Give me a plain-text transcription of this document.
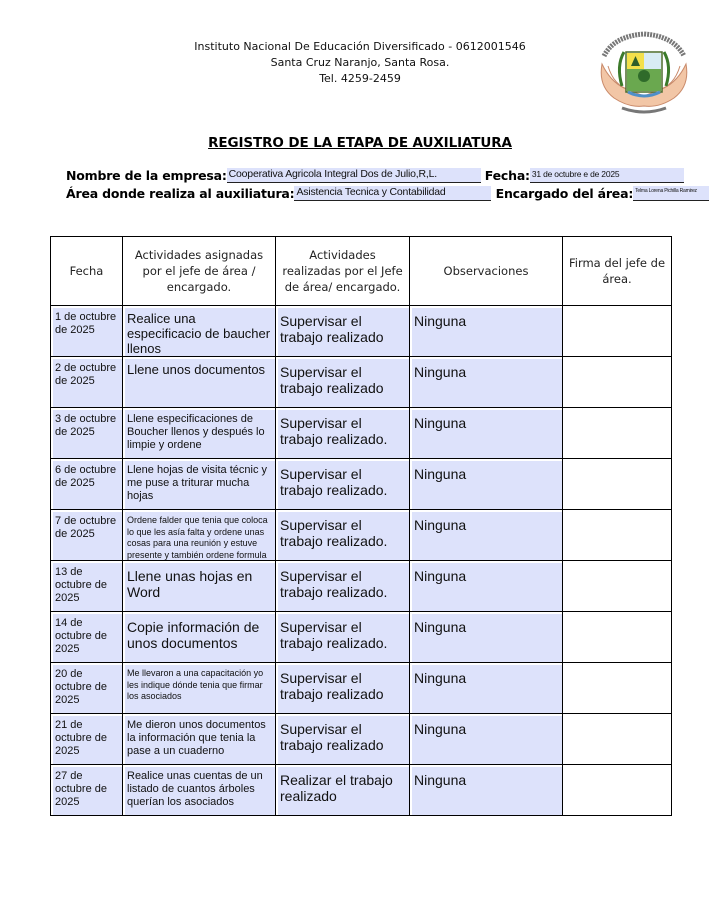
Instituto Nacional De Educación Diversificado - 0612001546
Santa Cruz Naranjo, Santa Rosa.
Tel. 4259-2459
REGISTRO DE LA ETAPA DE AUXILIATURA
Nombre de la empresa: Cooperativa Agricola Integral Dos de Julio,R,L.	Fecha: 31 de octubre e de 2025
Área donde realiza al auxiliatura: Asistencia Tecnica y Contabilidad	Encargado del área: Telma Lorena Pichilla Ramirez
Fecha	Actividades asignadas por el jefe de área / encargado.	Actividades realizadas por el Jefe de área/ encargado.	Observaciones	Firma del jefe de área.

1 de octubre de 2025	Realice una especificacio de baucher llenos	Supervisar el trabajo realizado	Ninguna	

2 de octubre de 2025	Llene unos documentos	Supervisar el trabajo realizado	Ninguna	

3 de octubre de 2025	Llene especificaciones de Boucher llenos y después lo limpie y ordene	Supervisar el trabajo realizado.	Ninguna	

6 de octubre de 2025	Llene hojas de visita técnic y me puse a triturar mucha hojas	Supervisar el trabajo realizado.	Ninguna	

7 de octubre de 2025	Ordene falder que tenia que coloca lo que les asía falta y ordene unas cosas para una reunión y estuve presente y también ordene formula	Supervisar el trabajo realizado.	Ninguna	

13 de octubre de 2025	Llene unas hojas en Word	Supervisar el trabajo realizado.	Ninguna	

14 de octubre de 2025	Copie información de unos documentos	Supervisar el trabajo realizado.	Ninguna	

20 de octubre de 2025	Me llevaron a una capacitación yo les indique dónde tenia que firmar los asociados	Supervisar el trabajo realizado	Ninguna	

21 de octubre de 2025	Me dieron unos documentos la información que tenia la pase a un cuaderno	Supervisar el trabajo realizado	Ninguna	

27 de octubre de 2025	Realice unas cuentas de un listado de cuantos árboles querían los asociados	Realizar el trabajo realizado	Ninguna	
